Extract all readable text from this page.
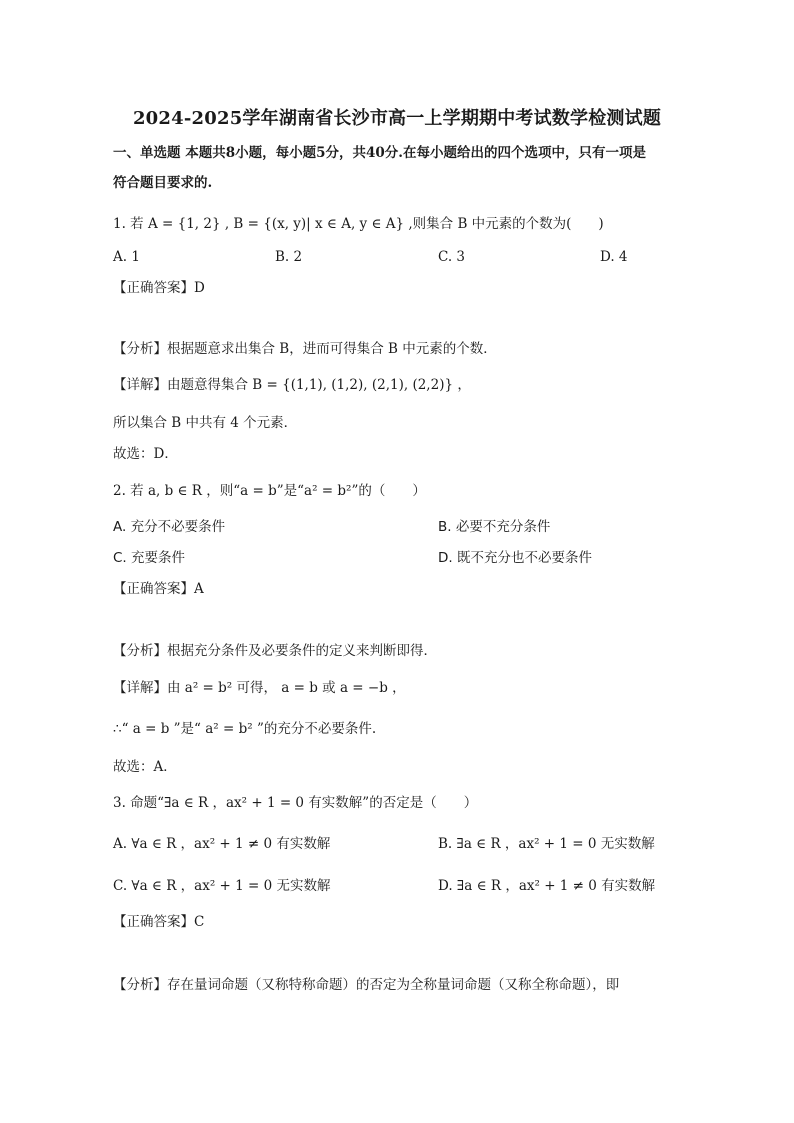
2024-2025学年湖南省长沙市高一上学期期中考试数学检测试题
一、单选题 本题共8小题，每小题5分，共40分.在每小题给出的四个选项中，只有一项是
符合题目要求的.
1. 若 A = {1, 2} , B = {(x, y)| x ∈ A, y ∈ A} ,则集合 B 中元素的个数为(　　)
A. 1	B. 2	C. 3	D. 4
【正确答案】D
【分析】根据题意求出集合 B，进而可得集合 B 中元素的个数．
【详解】由题意得集合 B = {(1,1), (1,2), (2,1), (2,2)} ，
所以集合 B 中共有 4 个元素．
故选：D．
2. 若 a, b ∈ R ，则“a = b”是“a² = b²”的（　　）
A. 充分不必要条件	B. 必要不充分条件
C. 充要条件	D. 既不充分也不必要条件
【正确答案】A
【分析】根据充分条件及必要条件的定义来判断即得．
【详解】由 a² = b² 可得， a = b 或 a = −b ，
∴“ a = b ”是“ a² = b² ”的充分不必要条件.
故选：A．
3. 命题“∃a ∈ R ，ax² + 1 = 0 有实数解”的否定是（　　）
A. ∀a ∈ R ，ax² + 1 ≠ 0 有实数解	B. ∃a ∈ R ，ax² + 1 = 0 无实数解
C. ∀a ∈ R ，ax² + 1 = 0 无实数解	D. ∃a ∈ R ，ax² + 1 ≠ 0 有实数解
【正确答案】C
【分析】存在量词命题（又称特称命题）的否定为全称量词命题（又称全称命题），即
